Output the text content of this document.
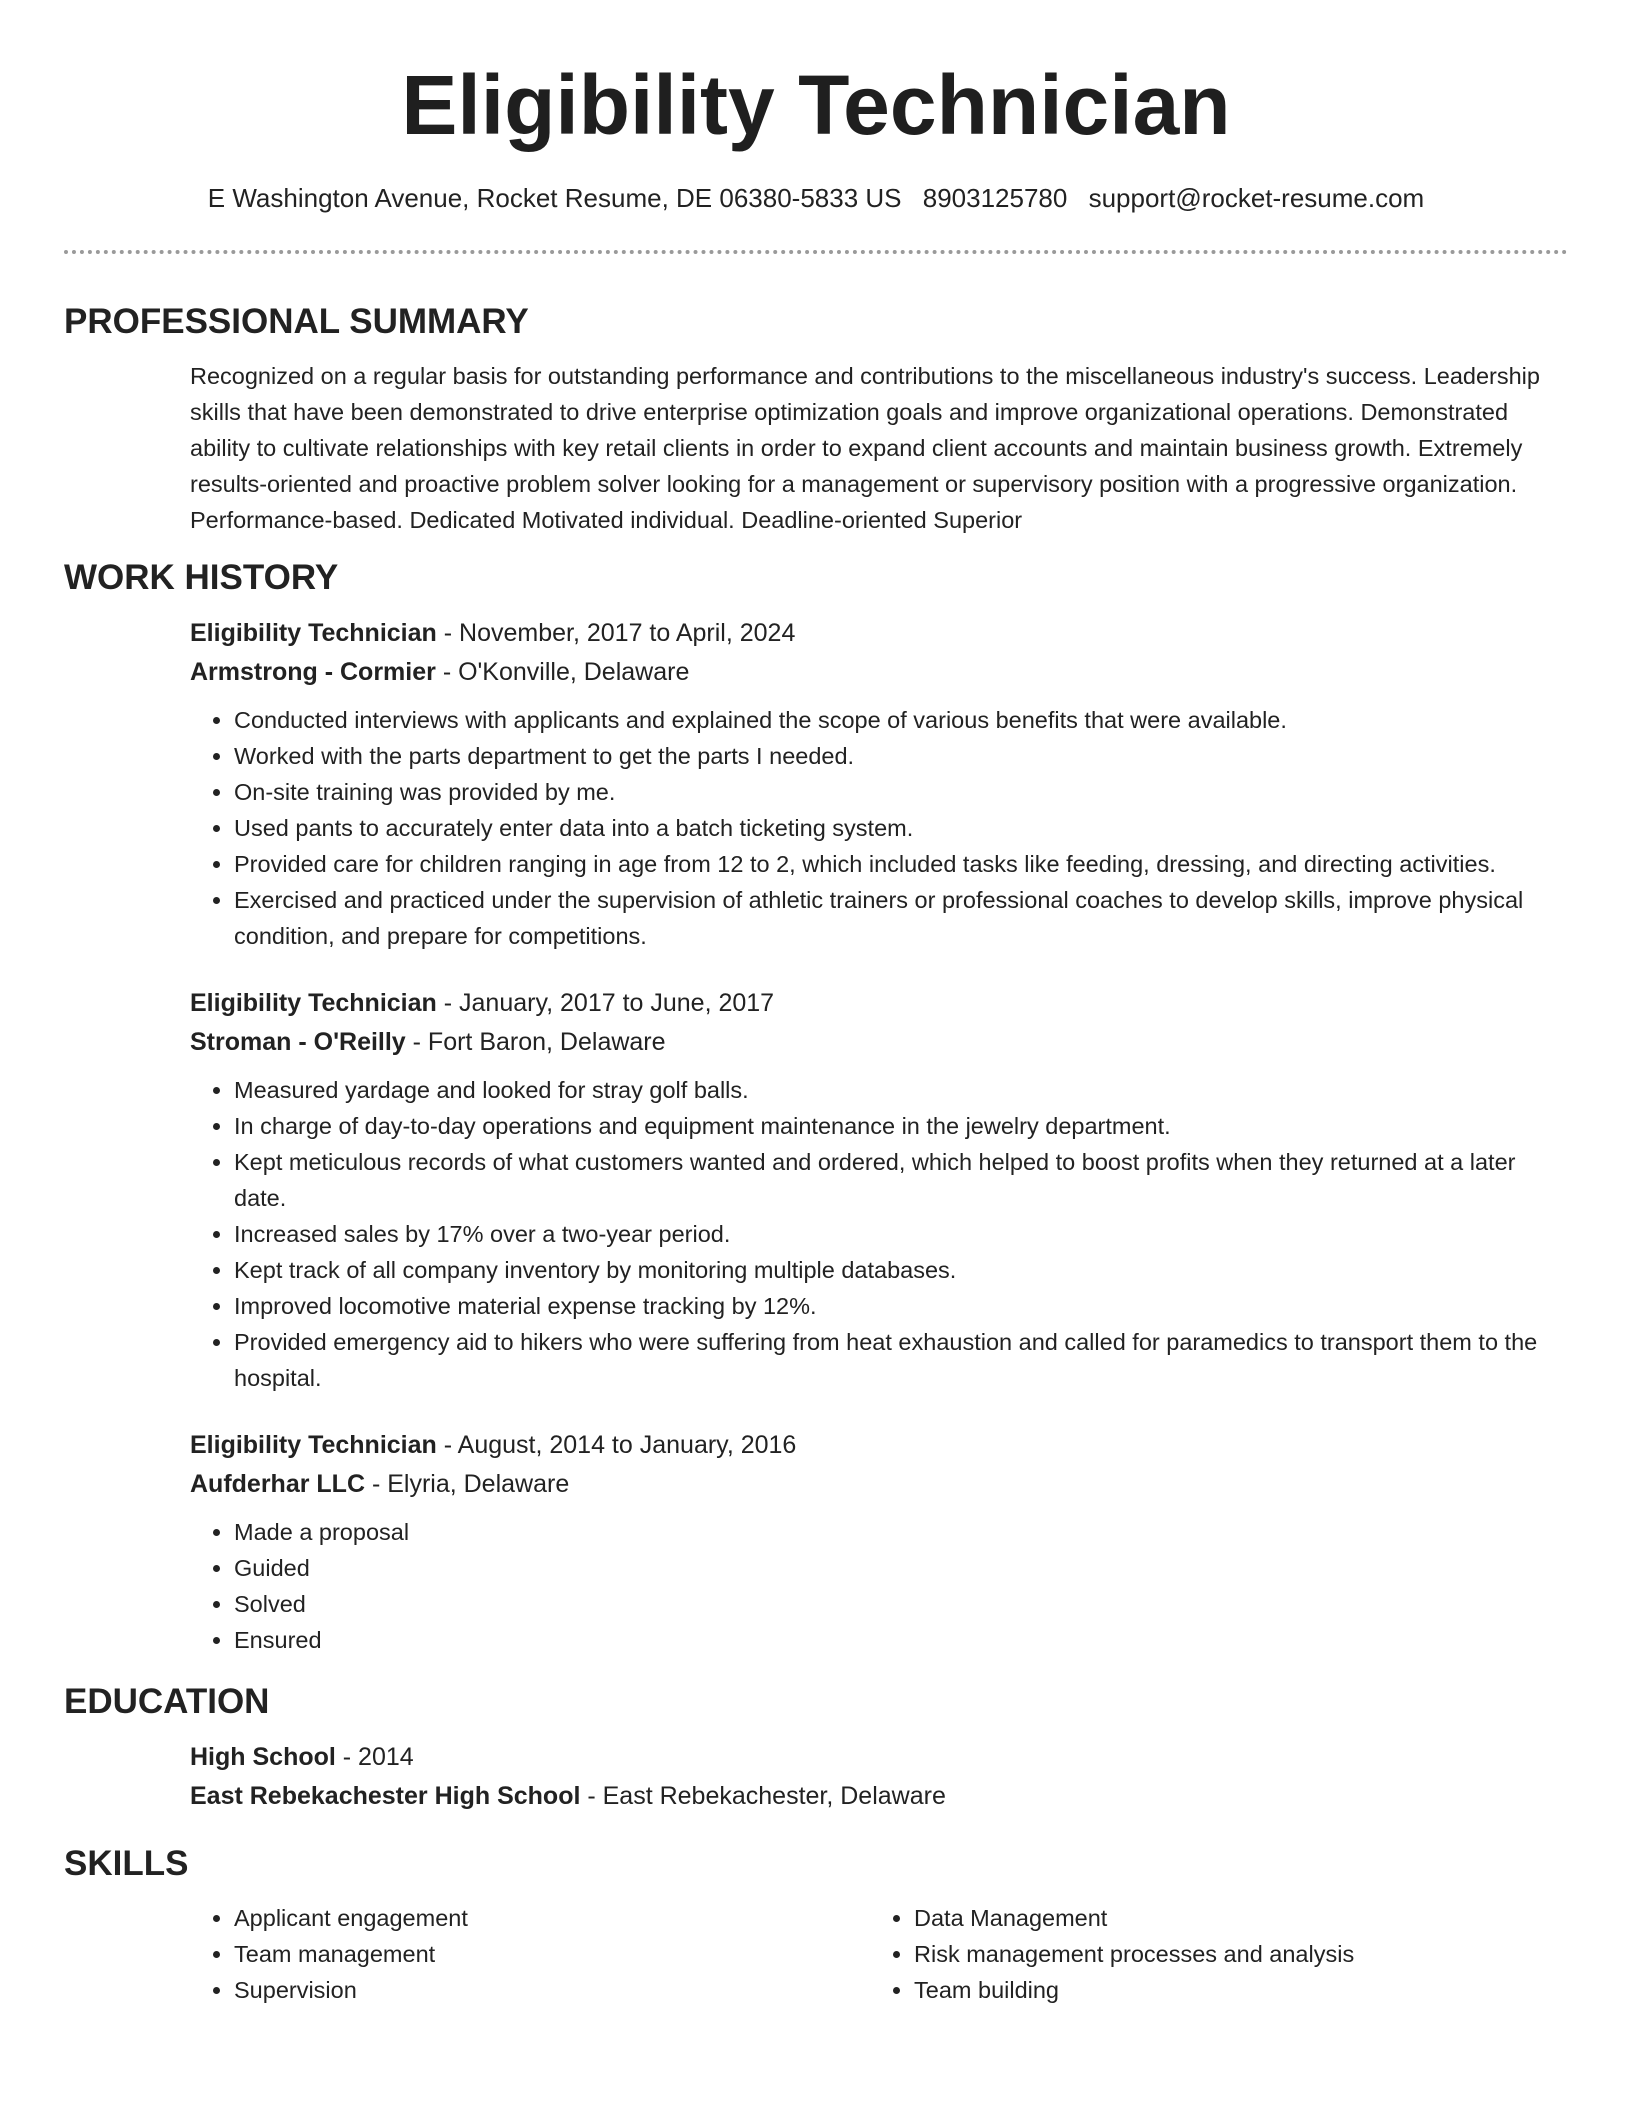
Eligibility Technician
E Washington Avenue, Rocket Resume, DE 06380-5833 US 8903125780 support@rocket-resume.com
PROFESSIONAL SUMMARY

Recognized on a regular basis for outstanding performance and contributions to the miscellaneous industry's success. Leadership skills that have been demonstrated to drive enterprise optimization goals and improve organizational operations. Demonstrated ability to cultivate relationships with key retail clients in order to expand client accounts and maintain business growth. Extremely results-oriented and proactive problem solver looking for a management or supervisory position with a progressive organization. Performance-based. Dedicated Motivated individual. Deadline-oriented Superior

WORK HISTORY

Eligibility Technician - November, 2017 to April, 2024

Armstrong - Cormier - O'Konville, Delaware

• Conducted interviews with applicants and explained the scope of various benefits that were available.
• Worked with the parts department to get the parts I needed.
• On-site training was provided by me.
• Used pants to accurately enter data into a batch ticketing system.
• Provided care for children ranging in age from 12 to 2, which included tasks like feeding, dressing, and directing activities.
• Exercised and practiced under the supervision of athletic trainers or professional coaches to develop skills, improve physical condition, and prepare for competitions.

Eligibility Technician - January, 2017 to June, 2017

Stroman - O'Reilly - Fort Baron, Delaware

• Measured yardage and looked for stray golf balls.
• In charge of day-to-day operations and equipment maintenance in the jewelry department.
• Kept meticulous records of what customers wanted and ordered, which helped to boost profits when they returned at a later date.
• Increased sales by 17% over a two-year period.
• Kept track of all company inventory by monitoring multiple databases.
• Improved locomotive material expense tracking by 12%.
• Provided emergency aid to hikers who were suffering from heat exhaustion and called for paramedics to transport them to the hospital.

Eligibility Technician - August, 2014 to January, 2016

Aufderhar LLC - Elyria, Delaware

• Made a proposal
• Guided
• Solved
• Ensured
EDUCATION

High School - 2014

East Rebekachester High School - East Rebekachester, Delaware

SKILLS
• Applicant engagement
• Team management
• Supervision
• Data Management
• Risk management processes and analysis
• Team building
